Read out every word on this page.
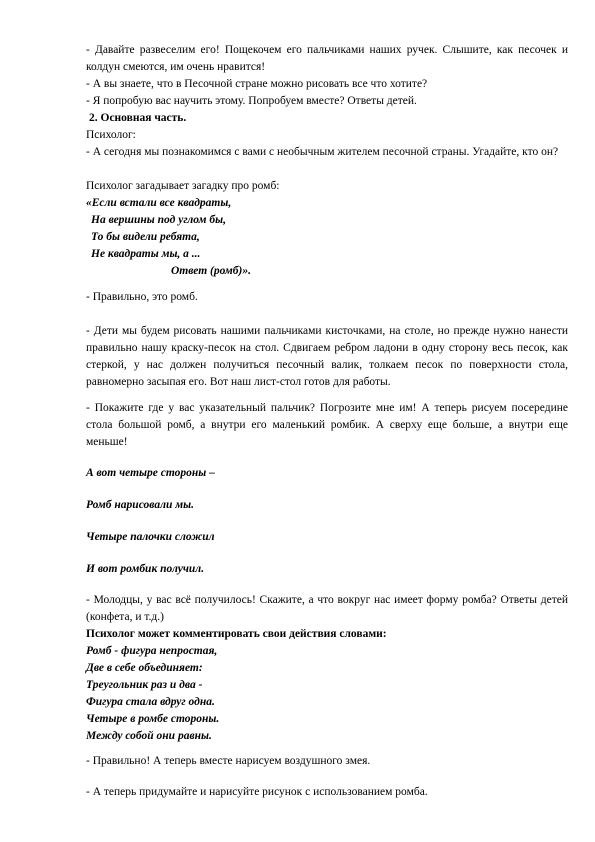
- Давайте развеселим его! Пощекочем его пальчиками наших ручек. Слышите, как песочек и колдун смеются, им очень нравится!

- А вы знаете, что в Песочной стране можно рисовать все что хотите?

- Я попробую вас научить этому. Попробуем вместе? Ответы детей.

2. Основная часть.

Психолог:

- А сегодня мы познакомимся с вами с необычным жителем песочной страны. Угадайте, кто он?

Психолог загадывает загадку про ромб:

«Если встали все квадраты,
На вершины под углом бы,
То бы видели ребята,
Не квадраты мы, а ...
Ответ (ромб)».

- Правильно, это ромб.

- Дети мы будем рисовать нашими пальчиками кисточками, на столе, но прежде нужно нанести правильно нашу краску-песок на стол. Сдвигаем ребром ладони в одну сторону весь песок, как стеркой, у нас должен получиться песочный валик, толкаем песок по поверхности стола, равномерно засыпая его. Вот наш лист-стол готов для работы.

- Покажите где у вас указательный пальчик? Погрозите мне им! А теперь рисуем посередине стола большой ромб, а внутри его маленький ромбик. А сверху еще больше, а внутри еще меньше!

А вот четыре стороны –

Ромб нарисовали мы.

Четыре палочки сложил

И вот ромбик получил.

- Молодцы, у вас всё получилось! Скажите, а что вокруг нас имеет форму ромба? Ответы детей (конфета, и т.д.)

Психолог может комментировать свои действия словами:

Ромб - фигура непростая,
Две в себе объединяет:
Треугольник раз и два -
Фигура стала вдруг одна.
Четыре в ромбе стороны.
Между собой они равны.

- Правильно! А теперь вместе нарисуем воздушного змея.

- А теперь придумайте и нарисуйте рисунок с использованием ромба.
